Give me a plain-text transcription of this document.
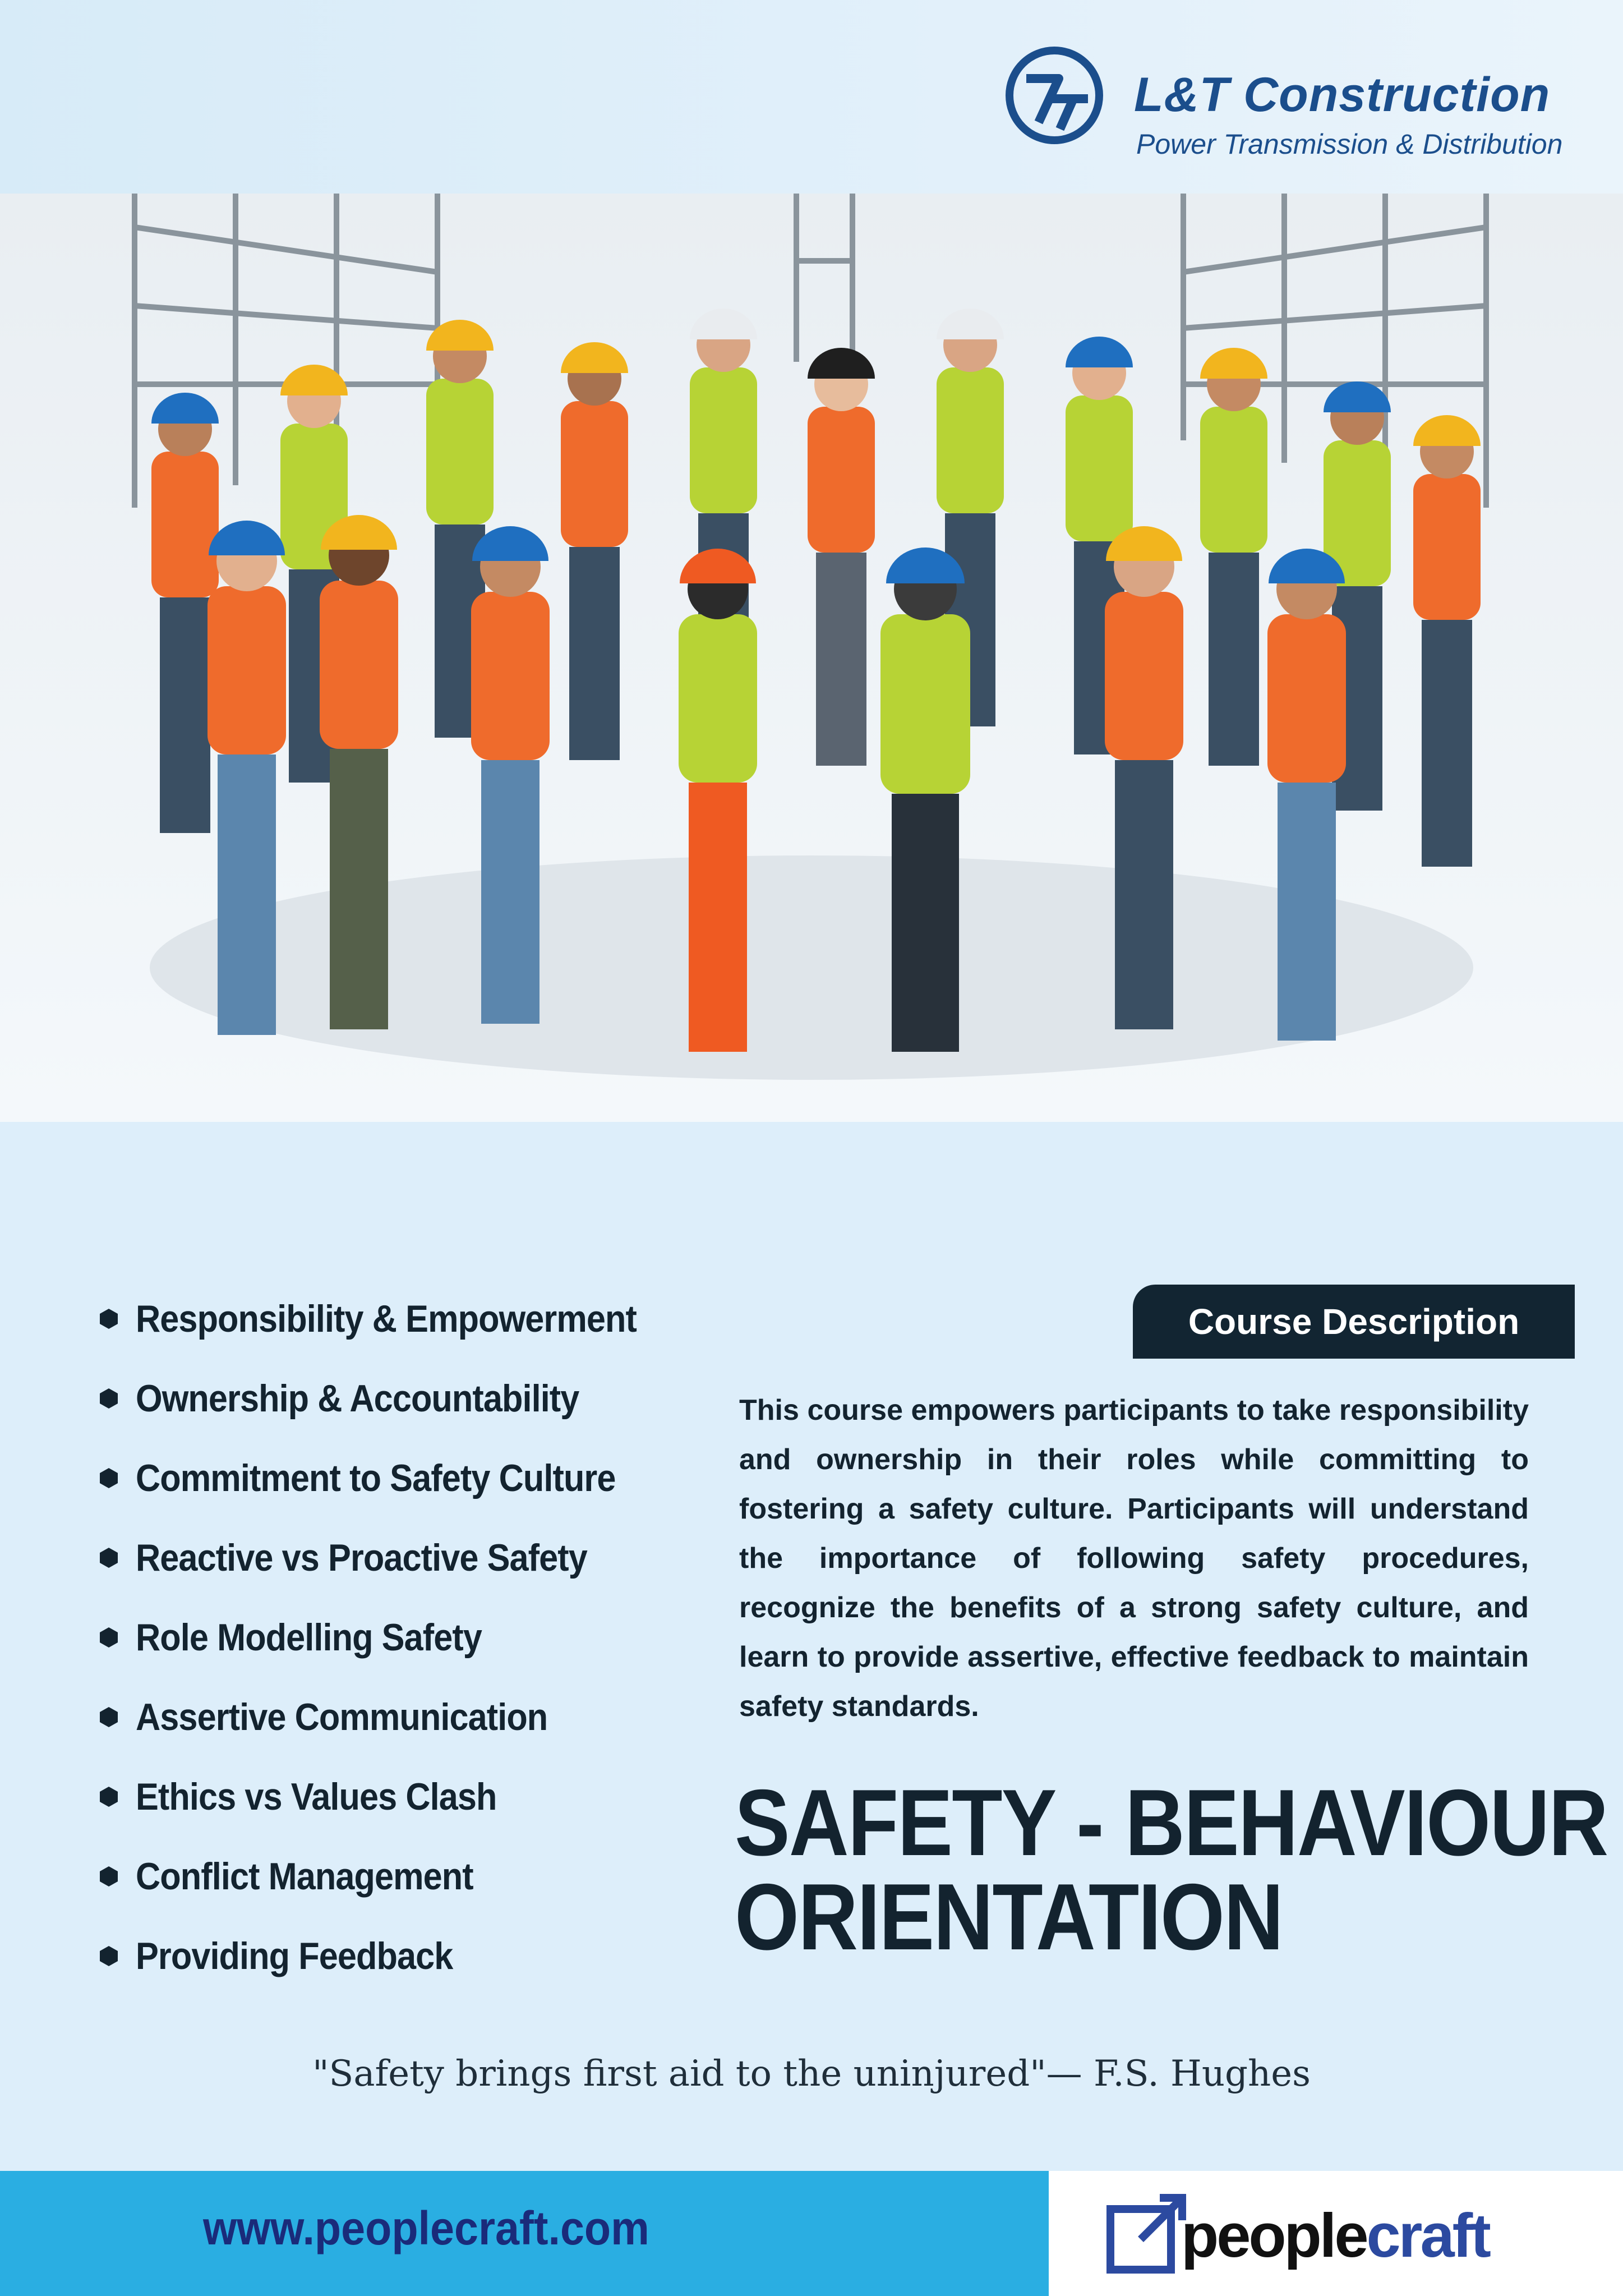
L&T Construction
Power Transmission & Distribution
Responsibility & Empowerment
Ownership & Accountability
Commitment to Safety Culture
Reactive vs Proactive Safety
Role Modelling Safety
Assertive Communication
Ethics vs Values Clash
Conflict Management
Providing Feedback
Course Description
This course empowers participants to take responsibility and ownership in their roles while committing to fostering a safety culture. Participants will understand the importance of following safety procedures, recognize the benefits of a strong safety culture, and learn to provide assertive, effective feedback to maintain safety standards.
SAFETY - BEHAVIOUR
ORIENTATION
"Safety brings first aid to the uninjured"— F.S. Hughes
www.peoplecraft.com	peoplecraft
